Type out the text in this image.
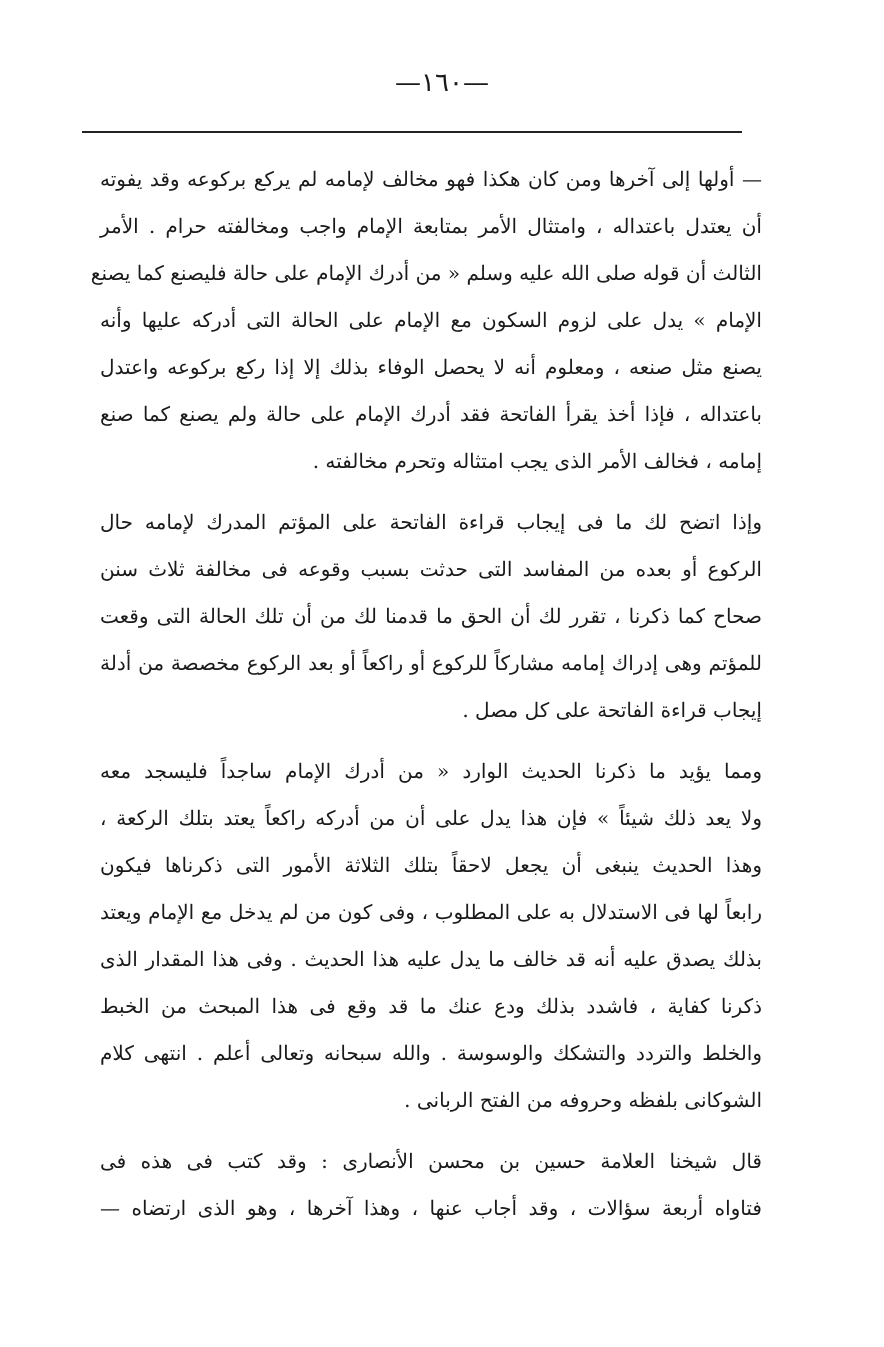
—١٦٠—

— أولها إلى آخرها ومن كان هكذا فهو مخالف لإمامه لم يركع بركوعه وقد يفوته
أن يعتدل باعتداله ، وامتثال الأمر بمتابعة الإمام واجب ومخالفته حرام . الأمر
الثالث أن قوله صلى الله عليه وسلم « من أدرك الإمام على حالة فليصنع كما يصنع
الإمام » يدل على لزوم السكون مع الإمام على الحالة التى أدركه عليها وأنه
يصنع مثل صنعه ، ومعلوم أنه لا يحصل الوفاء بذلك إلا إذا ركع بركوعه واعتدل
باعتداله ، فإذا أخذ يقرأ الفاتحة فقد أدرك الإمام على حالة ولم يصنع كما صنع
إمامه ، فخالف الأمر الذى يجب امتثاله وتحرم مخالفته .

وإذا اتضح لك ما فى إيجاب قراءة الفاتحة على المؤتم المدرك لإمامه حال
الركوع أو بعده من المفاسد التى حدثت بسبب وقوعه فى مخالفة ثلاث سنن
صحاح كما ذكرنا ، تقرر لك أن الحق ما قدمنا لك من أن تلك الحالة التى وقعت
للمؤتم وهى إدراك إمامه مشاركاً للركوع أو راكعاً أو بعد الركوع مخصصة من أدلة
إيجاب قراءة الفاتحة على كل مصل .

ومما يؤيد ما ذكرنا الحديث الوارد « من أدرك الإمام ساجداً فليسجد معه
ولا يعد ذلك شيئاً » فإن هذا يدل على أن من أدركه راكعاً يعتد بتلك الركعة ،
وهذا الحديث ينبغى أن يجعل لاحقاً بتلك الثلاثة الأمور التى ذكرناها فيكون
رابعاً لها فى الاستدلال به على المطلوب ، وفى كون من لم يدخل مع الإمام ويعتد
بذلك يصدق عليه أنه قد خالف ما يدل عليه هذا الحديث . وفى هذا المقدار الذى
ذكرنا كفاية ، فاشدد بذلك ودع عنك ما قد وقع فى هذا المبحث من الخبط
والخلط والتردد والتشكك والوسوسة . والله سبحانه وتعالى أعلم . انتهى كلام
الشوكانى بلفظه وحروفه من الفتح الربانى .

قال شيخنا العلامة حسين بن محسن الأنصارى : وقد كتب فى هذه فى
فتاواه أربعة سؤالات ، وقد أجاب عنها ، وهذا آخرها ، وهو الذى ارتضاه —
